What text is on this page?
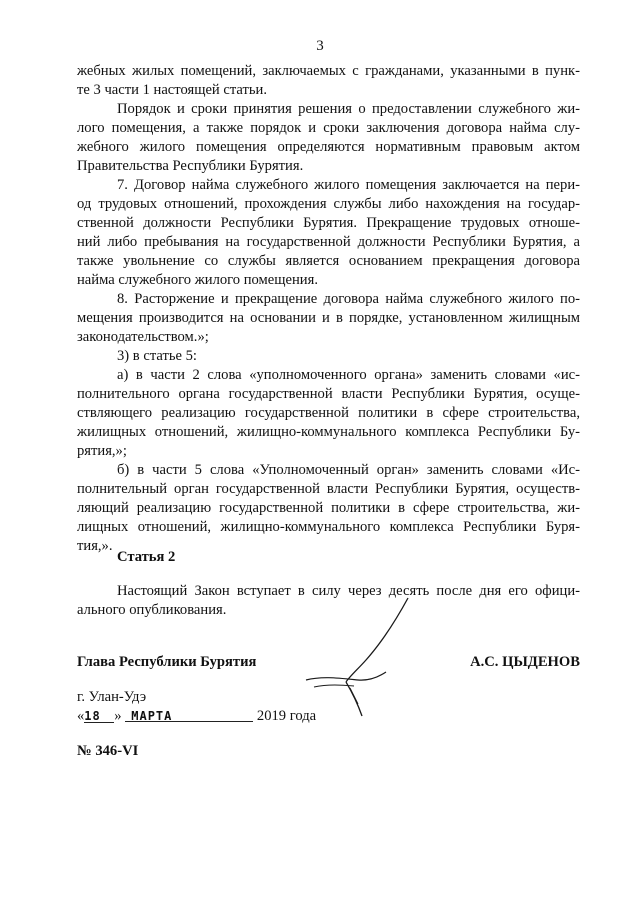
3
жебных жилых помещений, заключаемых с гражданами, указанными в пунк-
те 3 части 1 настоящей статьи.
Порядок и сроки принятия решения о предоставлении служебного жи-
лого помещения, а также порядок и сроки заключения договора найма слу-
жебного жилого помещения определяются нормативным правовым актом
Правительства Республики Бурятия.
7. Договор найма служебного жилого помещения заключается на пери-
од трудовых отношений, прохождения службы либо нахождения на государ-
ственной должности Республики Бурятия. Прекращение трудовых отноше-
ний либо пребывания на государственной должности Республики Бурятия, а
также увольнение со службы является основанием прекращения договора
найма служебного жилого помещения.
8. Расторжение и прекращение договора найма служебного жилого по-
мещения производится на основании и в порядке, установленном жилищным
законодательством.»;
3) в статье 5:
а) в части 2 слова «уполномоченного органа» заменить словами «ис-
полнительного органа государственной власти Республики Бурятия, осуще-
ствляющего реализацию государственной политики в сфере строительства,
жилищных отношений, жилищно-коммунального комплекса Республики Бу-
рятия,»;
б) в части 5 слова «Уполномоченный орган» заменить словами «Ис-
полнительный орган государственной власти Республики Бурятия, осуществ-
ляющий реализацию государственной политики в сфере строительства, жи-
лищных отношений, жилищно-коммунального комплекса Республики Буря-
тия,».
Статья 2
Настоящий Закон вступает в силу через десять после дня его офици-
ального опубликования.
Глава Республики Бурятия	А.С. ЦЫДЕНОВ
г. Улан-Удэ
«18 » МАРТА	2019 года
№ 346-VI
